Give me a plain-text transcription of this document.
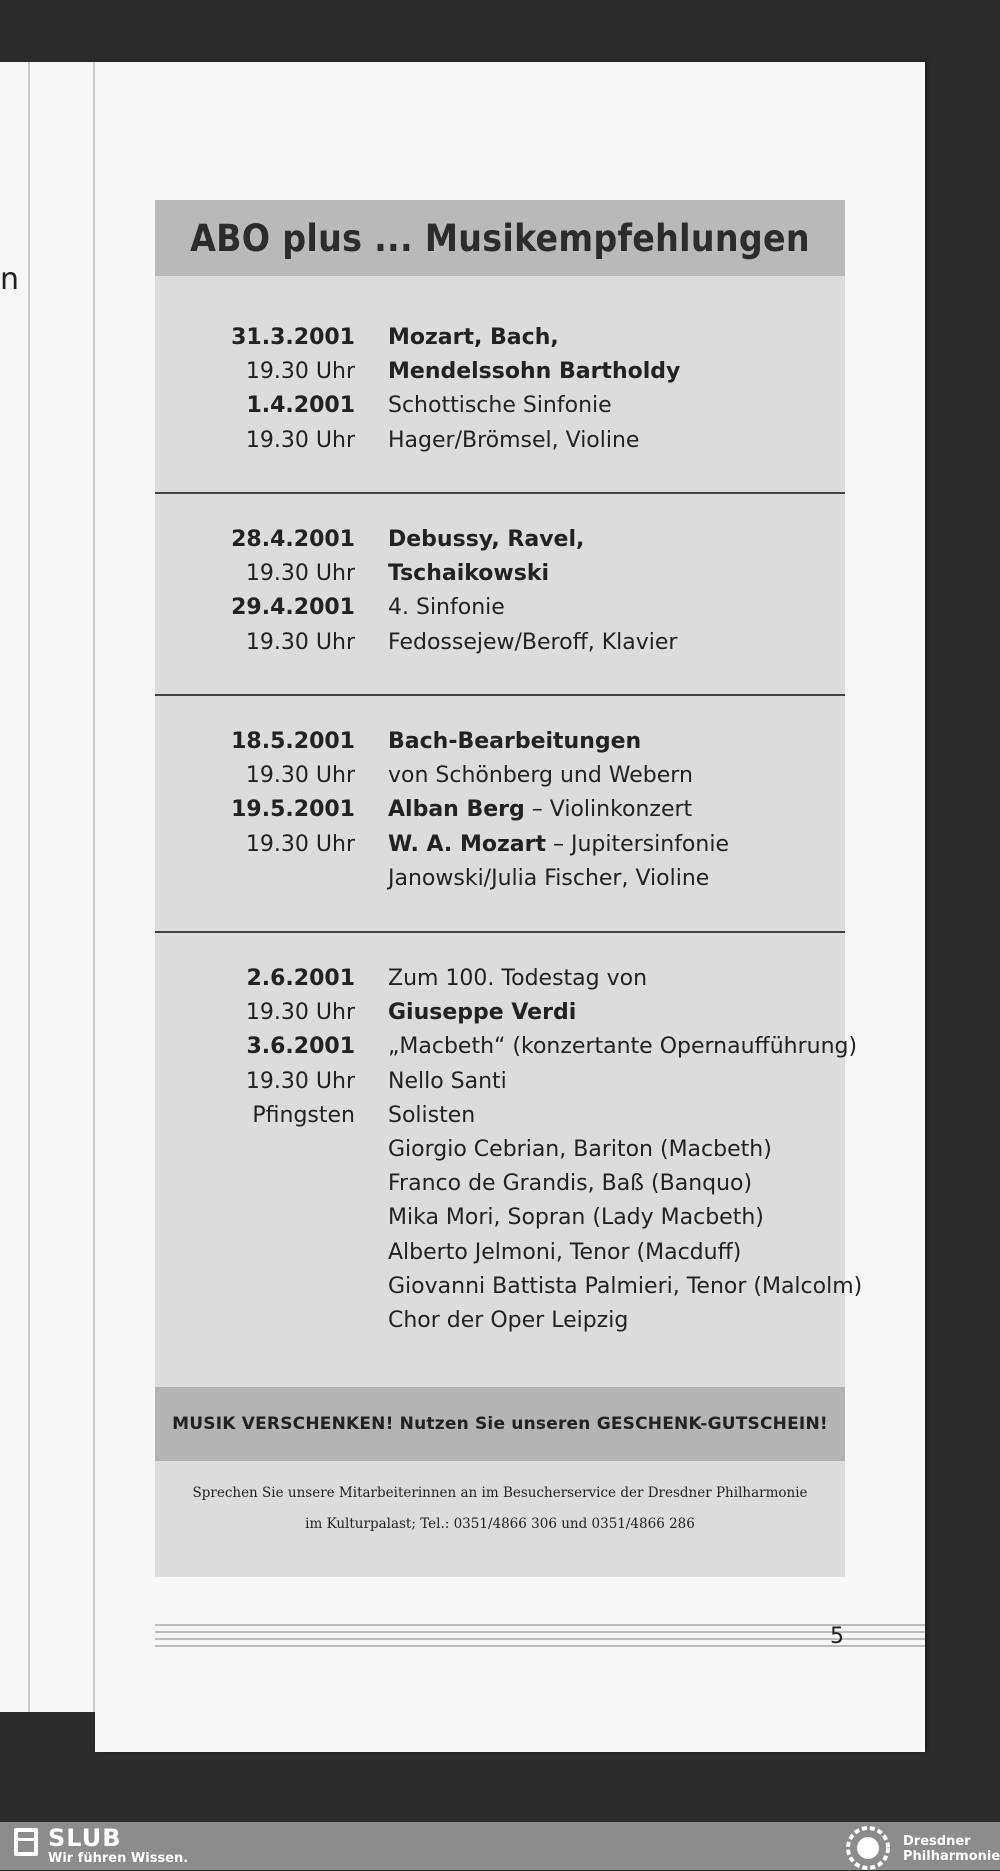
n
ABO plus ... Musikempfehlungen
31.3.2001 Mozart, Bach,
19.30 Uhr Mendelssohn Bartholdy
1.4.2001 Schottische Sinfonie
19.30 Uhr Hager/Brömsel, Violine
28.4.2001 Debussy, Ravel,
19.30 Uhr Tschaikowski
29.4.2001 4. Sinfonie
19.30 Uhr Fedossejew/Beroff, Klavier
18.5.2001 Bach-Bearbeitungen
19.30 Uhr von Schönberg und Webern
19.5.2001 Alban Berg – Violinkonzert
19.30 Uhr W. A. Mozart – Jupitersinfonie
Janowski/Julia Fischer, Violine
2.6.2001 Zum 100. Todestag von
19.30 Uhr Giuseppe Verdi
3.6.2001 „Macbeth“ (konzertante Opernaufführung)
19.30 Uhr Nello Santi
Pfingsten Solisten
Giorgio Cebrian, Bariton (Macbeth)
Franco de Grandis, Baß (Banquo)
Mika Mori, Sopran (Lady Macbeth)
Alberto Jelmoni, Tenor (Macduff)
Giovanni Battista Palmieri, Tenor (Malcolm)
Chor der Oper Leipzig
MUSIK VERSCHENKEN! Nutzen Sie unseren GESCHENK-GUTSCHEIN!
Sprechen Sie unsere Mitarbeiterinnen an im Besucherservice der Dresdner Philharmonie
im Kulturpalast; Tel.: 0351/4866 306 und 0351/4866 286
5
SLUB
Wir führen Wissen.
Dresdner
Philharmonie
